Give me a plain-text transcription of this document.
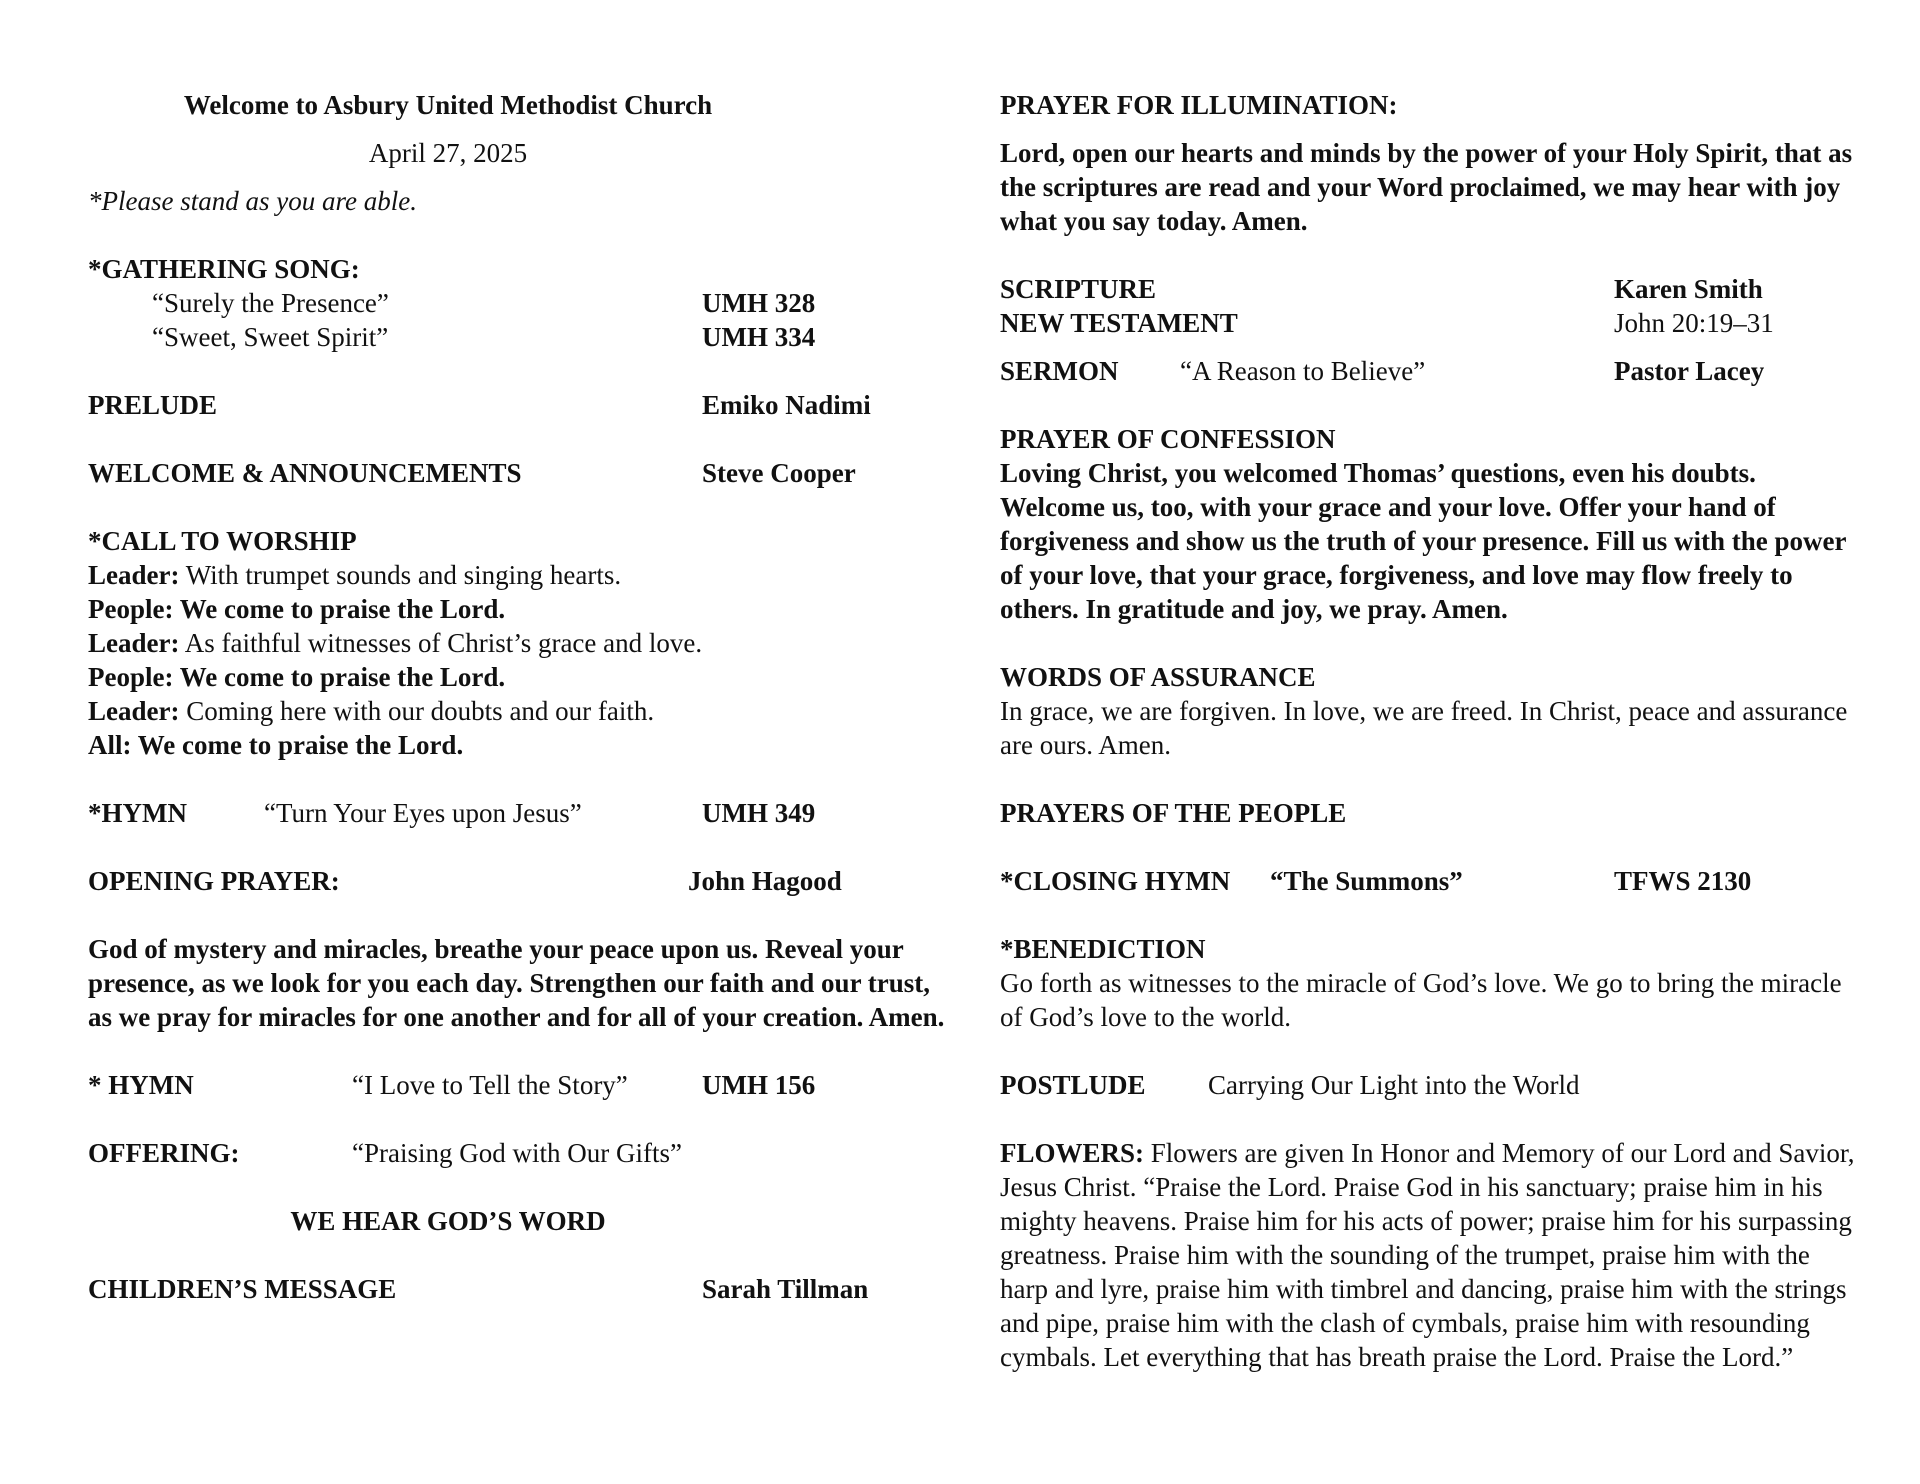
Welcome to Asbury United Methodist Church
April 27, 2025
*Please stand as you are able.
*GATHERING SONG:
“Surely the Presence”	UMH 328
“Sweet, Sweet Spirit”	UMH 334
PRELUDE	Emiko Nadimi
WELCOME & ANNOUNCEMENTS	Steve Cooper
*CALL TO WORSHIP
Leader: With trumpet sounds and singing hearts.
People: We come to praise the Lord.
Leader: As faithful witnesses of Christ’s grace and love.
People: We come to praise the Lord.
Leader: Coming here with our doubts and our faith.
All: We come to praise the Lord.
*HYMN	“Turn Your Eyes upon Jesus”	UMH 349
OPENING PRAYER:	John Hagood
God of mystery and miracles, breathe your peace upon us. Reveal your presence, as we look for you each day. Strengthen our faith and our trust, as we pray for miracles for one another and for all of your creation. Amen.
* HYMN	“I Love to Tell the Story”	UMH 156
OFFERING:	“Praising God with Our Gifts”
WE HEAR GOD’S WORD
CHILDREN’S MESSAGE	Sarah Tillman
PRAYER FOR ILLUMINATION:
Lord, open our hearts and minds by the power of your Holy Spirit, that as the scriptures are read and your Word proclaimed, we may hear with joy what you say today. Amen.
SCRIPTURE	Karen Smith
NEW TESTAMENT	John 20:19–31
SERMON “A Reason to Believe”	Pastor Lacey
PRAYER OF CONFESSION
Loving Christ, you welcomed Thomas’ questions, even his doubts. Welcome us, too, with your grace and your love. Offer your hand of forgiveness and show us the truth of your presence. Fill us with the power of your love, that your grace, forgiveness, and love may flow freely to others. In gratitude and joy, we pray. Amen.
WORDS OF ASSURANCE
In grace, we are forgiven. In love, we are freed. In Christ, peace and assurance are ours. Amen.
PRAYERS OF THE PEOPLE
*CLOSING HYMN “The Summons”	TFWS 2130
*BENEDICTION
Go forth as witnesses to the miracle of God’s love. We go to bring the miracle of God’s love to the world.
POSTLUDE Carrying Our Light into the World
FLOWERS: Flowers are given In Honor and Memory of our Lord and Savior, Jesus Christ. “Praise the Lord. Praise God in his sanctuary; praise him in his mighty heavens. Praise him for his acts of power; praise him for his surpassing greatness. Praise him with the sounding of the trumpet, praise him with the harp and lyre, praise him with timbrel and dancing, praise him with the strings and pipe, praise him with the clash of cymbals, praise him with resounding cymbals. Let everything that has breath praise the Lord. Praise the Lord.”
